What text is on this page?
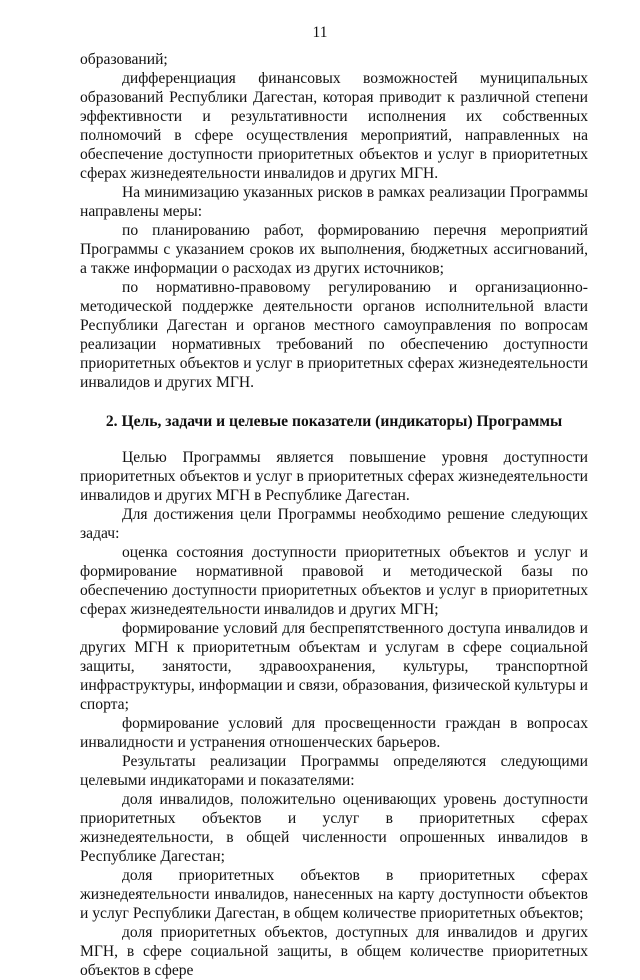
11

образований;

дифференциация финансовых возможностей муниципальных образований Республики Дагестан, которая приводит к различной степени эффективности и результативности исполнения их собственных полномочий в сфере осуществления мероприятий, направленных на обеспечение доступности приоритетных объектов и услуг в приоритетных сферах жизнедеятельности инвалидов и других МГН.

На минимизацию указанных рисков в рамках реализации Программы направлены меры:

по планированию работ, формированию перечня мероприятий Программы с указанием сроков их выполнения, бюджетных ассигнований, а также информации о расходах из других источников;

по нормативно-правовому регулированию и организационно-методической поддержке деятельности органов исполнительной власти Республики Дагестан и органов местного самоуправления по вопросам реализации нормативных требований по обеспечению доступности приоритетных объектов и услуг в приоритетных сферах жизнедеятельности инвалидов и других МГН.

2. Цель, задачи и целевые показатели (индикаторы) Программы

Целью Программы является повышение уровня доступности приоритетных объектов и услуг в приоритетных сферах жизнедеятельности инвалидов и других МГН в Республике Дагестан.

Для достижения цели Программы необходимо решение следующих задач:

оценка состояния доступности приоритетных объектов и услуг и формирование нормативной правовой и методической базы по обеспечению доступности приоритетных объектов и услуг в приоритетных сферах жизнедеятельности инвалидов и других МГН;

формирование условий для беспрепятственного доступа инвалидов и других МГН к приоритетным объектам и услугам в сфере социальной защиты, занятости, здравоохранения, культуры, транспортной инфраструктуры, информации и связи, образования, физической культуры и спорта;

формирование условий для просвещенности граждан в вопросах инвалидности и устранения отношенческих барьеров.

Результаты реализации Программы определяются следующими целевыми индикаторами и показателями:

доля инвалидов, положительно оценивающих уровень доступности приоритетных объектов и услуг в приоритетных сферах жизнедеятельности, в общей численности опрошенных инвалидов в Республике Дагестан;

доля приоритетных объектов в приоритетных сферах жизнедеятельности инвалидов, нанесенных на карту доступности объектов и услуг Республики Дагестан, в общем количестве приоритетных объектов;

доля приоритетных объектов, доступных для инвалидов и других МГН, в сфере социальной защиты, в общем количестве приоритетных объектов в сфере
